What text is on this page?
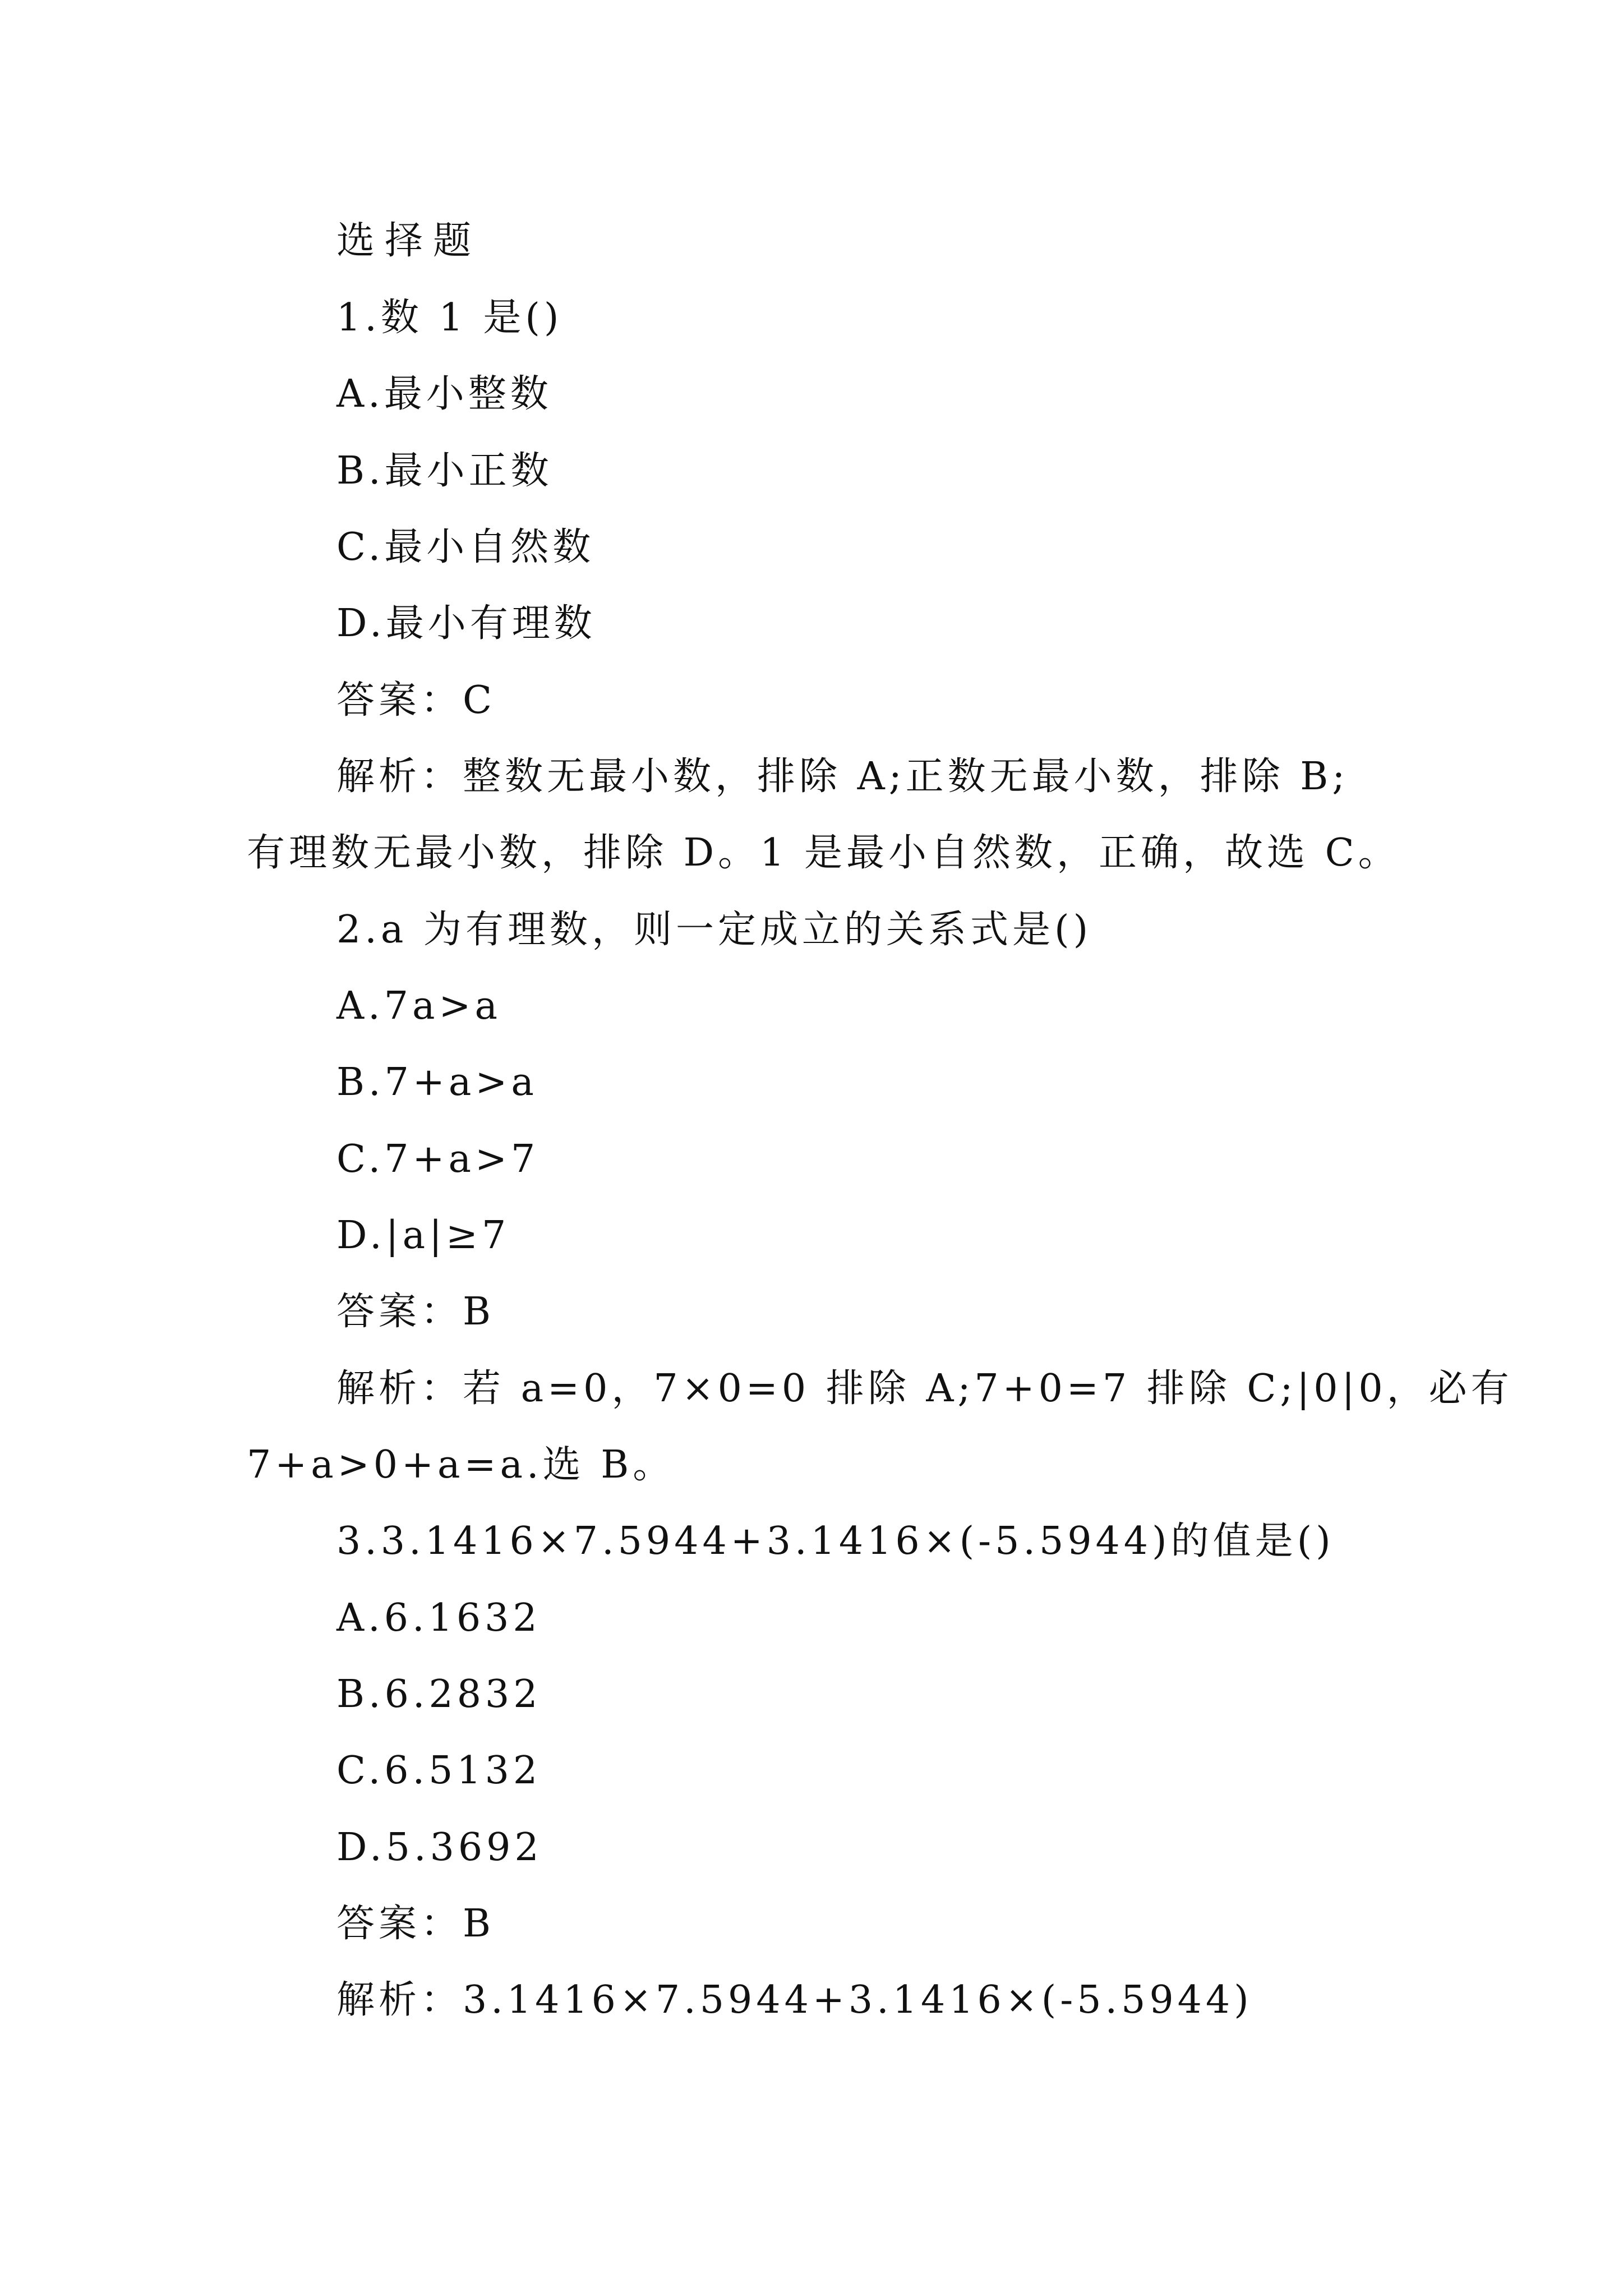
选择题
1.数 1 是()
A.最小整数
B.最小正数
C.最小自然数
D.最小有理数
答案：C
解析：整数无最小数，排除 A;正数无最小数，排除 B;
有理数无最小数，排除 D。1 是最小自然数，正确，故选 C。
2.a 为有理数，则一定成立的关系式是()
A.7a>a
B.7+a>a
C.7+a>7
D.|a|≥7
答案：B
解析：若 a=0，7×0=0 排除 A;7+0=7 排除 C;|0|0，必有
7+a>0+a=a.选 B。
3.3.1416×7.5944+3.1416×(-5.5944)的值是()
A.6.1632
B.6.2832
C.6.5132
D.5.3692
答案：B
解析：3.1416×7.5944+3.1416×(-5.5944)
